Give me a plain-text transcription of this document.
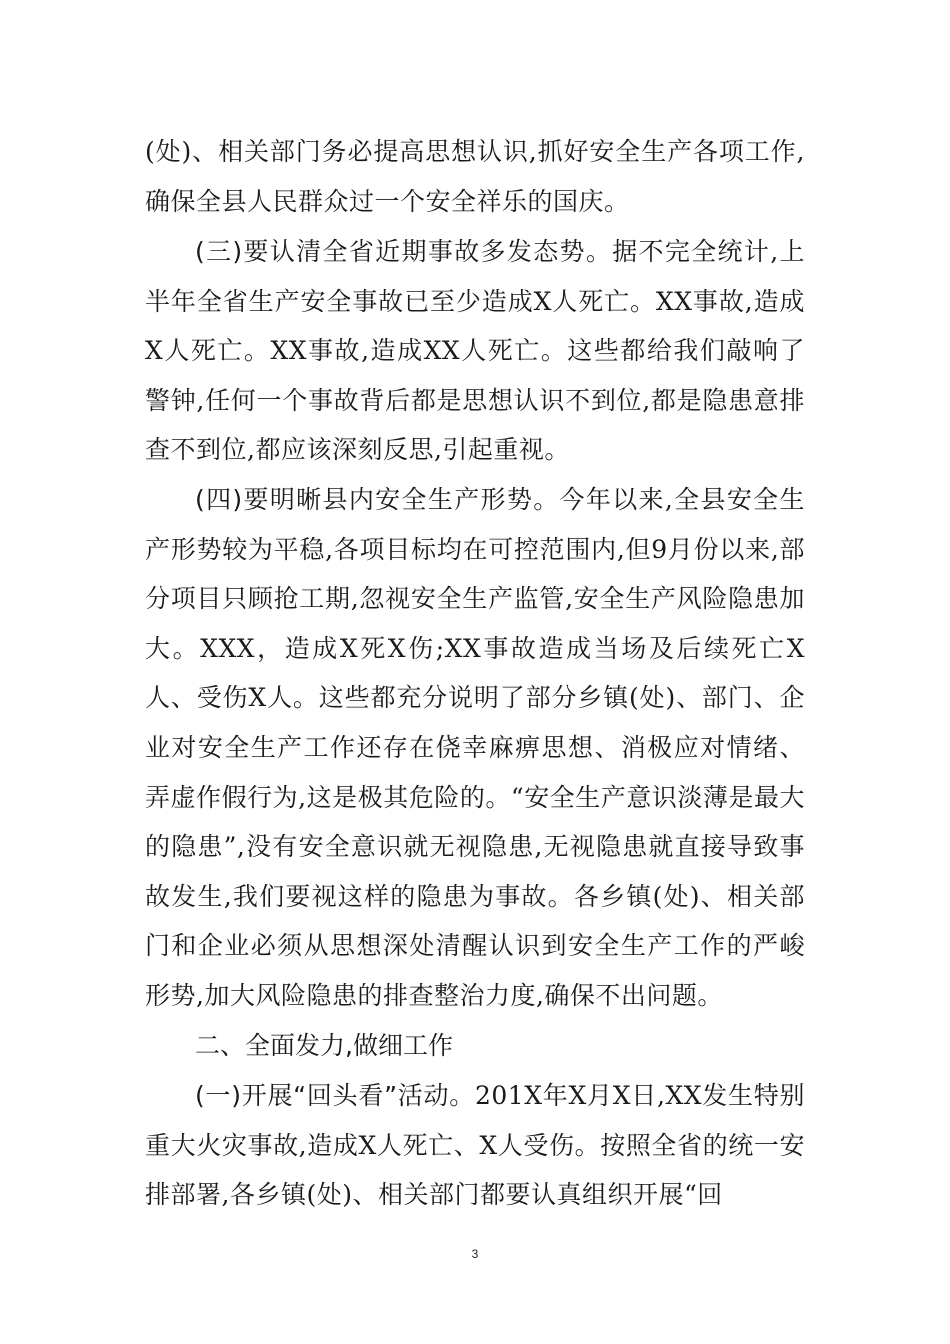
(处)、相关部门务必提高思想认识,抓好安全生产各项工作,确保全县人民群众过一个安全祥乐的国庆。

(三)要认清全省近期事故多发态势。据不完全统计,上半年全省生产安全事故已至少造成X人死亡。XX事故,造成X人死亡。XX事故,造成XX人死亡。这些都给我们敲响了警钟,任何一个事故背后都是思想认识不到位,都是隐患意排查不到位,都应该深刻反思,引起重视。

(四)要明晰县内安全生产形势。今年以来,全县安全生产形势较为平稳,各项目标均在可控范围内,但9月份以来,部分项目只顾抢工期,忽视安全生产监管,安全生产风险隐患加大。XXX，造成X死X伤;XX事故造成当场及后续死亡X人、受伤X人。这些都充分说明了部分乡镇(处)、部门、企业对安全生产工作还存在侥幸麻痹思想、消极应对情绪、弄虚作假行为,这是极其危险的。“安全生产意识淡薄是最大的隐患”,没有安全意识就无视隐患,无视隐患就直接导致事故发生,我们要视这样的隐患为事故。各乡镇(处)、相关部门和企业必须从思想深处清醒认识到安全生产工作的严峻形势,加大风险隐患的排查整治力度,确保不出问题。

二、全面发力,做细工作

(一)开展“回头看”活动。201X年X月X日,XX发生特别重大火灾事故,造成X人死亡、X人受伤。按照全省的统一安排部署,各乡镇(处)、相关部门都要认真组织开展“回

3
